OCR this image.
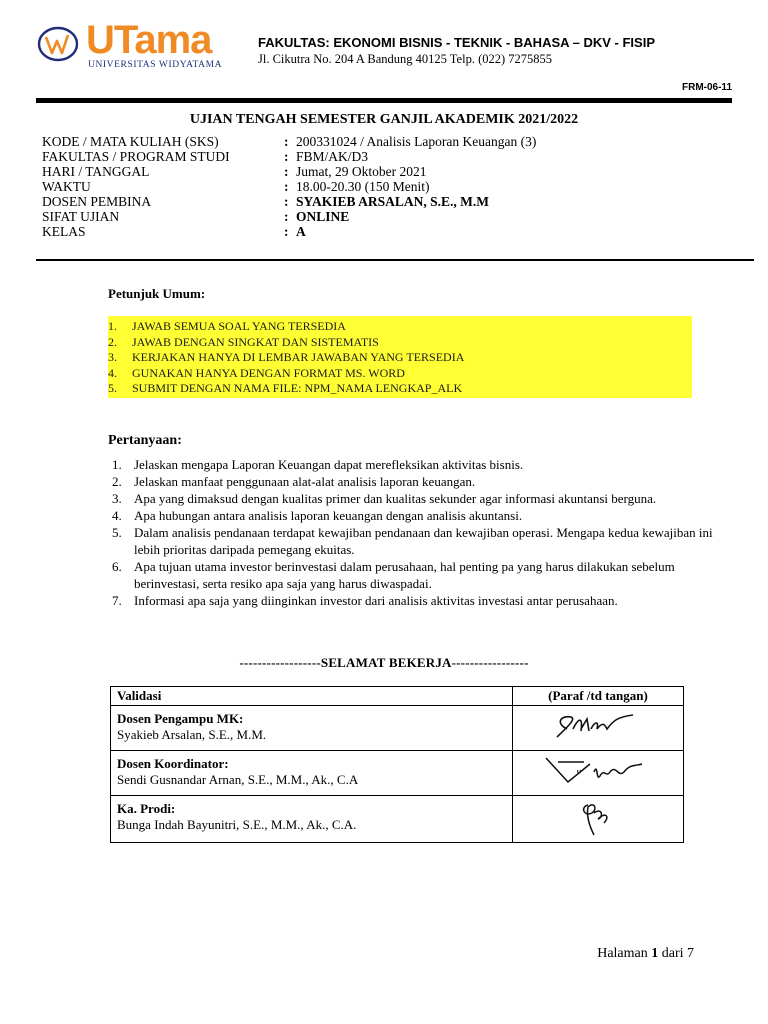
UTama
UNIVERSITAS WIDYATAMA
FAKULTAS: EKONOMI BISNIS - TEKNIK - BAHASA – DKV - FISIP
Jl. Cikutra No. 204 A Bandung 40125 Telp. (022) 7275855
FRM-06-11
UJIAN TENGAH SEMESTER GANJIL AKADEMIK 2021/2022
KODE / MATA KULIAH (SKS)	: 200331024 / Analisis Laporan Keuangan (3)
FAKULTAS / PROGRAM STUDI	: FBM/AK/D3
HARI / TANGGAL	: Jumat, 29 Oktober 2021
WAKTU	: 18.00-20.30 (150 Menit)
DOSEN PEMBINA	: SYAKIEB ARSALAN, S.E., M.M
SIFAT UJIAN	: ONLINE
KELAS	: A
Petunjuk Umum:
1. JAWAB SEMUA SOAL YANG TERSEDIA
2. JAWAB DENGAN SINGKAT DAN SISTEMATIS
3. KERJAKAN HANYA DI LEMBAR JAWABAN YANG TERSEDIA
4. GUNAKAN HANYA DENGAN FORMAT MS. WORD
5. SUBMIT DENGAN NAMA FILE: NPM_NAMA LENGKAP_ALK
Pertanyaan:
1. Jelaskan mengapa Laporan Keuangan dapat merefleksikan aktivitas bisnis.
2. Jelaskan manfaat penggunaan alat-alat analisis laporan keuangan.
3. Apa yang dimaksud dengan kualitas primer dan kualitas sekunder agar informasi akuntansi berguna.
4. Apa hubungan antara analisis laporan keuangan dengan analisis akuntansi.
5. Dalam analisis pendanaan terdapat kewajiban pendanaan dan kewajiban operasi. Mengapa kedua kewajiban ini lebih prioritas daripada pemegang ekuitas.
6. Apa tujuan utama investor berinvestasi dalam perusahaan, hal penting pa yang harus dilakukan sebelum berinvestasi, serta resiko apa saja yang harus diwaspadai.
7. Informasi apa saja yang diinginkan investor dari analisis aktivitas investasi antar perusahaan.
------------------SELAMAT BEKERJA-----------------
Validasi	(Paraf /td tangan)

Dosen Pengampu MK:
Syakieb Arsalan, S.E., M.M.

Dosen Koordinator:
Sendi Gusnandar Arnan, S.E., M.M., Ak., C.A

Ka. Prodi:
Bunga Indah Bayunitri, S.E., M.M., Ak., C.A.

Halaman 1 dari 7
